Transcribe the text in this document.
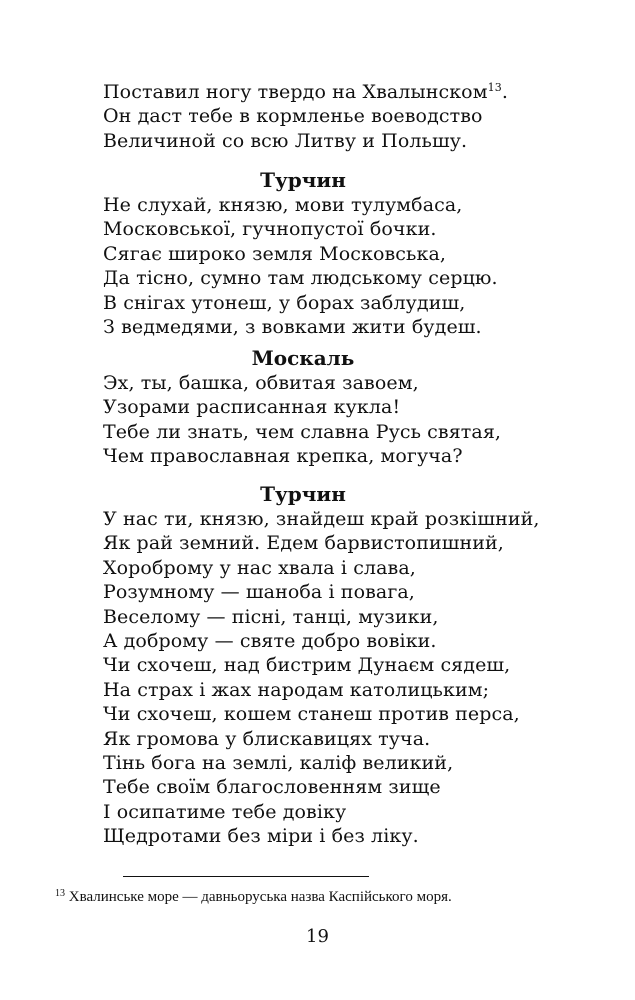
Поставил ногу твердо на Хвалынском$^{13}$.
Он даст тебе в кормленье воеводство
Величиной со всю Литву и Польшу.
Турчин
Не слухай, князю, мови тулумбаса,
Московської, гучнопустої бочки.
Сягає широко земля Московська,
Да тісно, сумно там людському серцю.
В снігах утонеш, у борах заблудиш,
З ведмедями, з вовками жити будеш.
Москаль
Эх, ты, башка, обвитая завоем,
Узорами расписанная кукла!
Тебе ли знать, чем славна Русь святая,
Чем православная крепка, могуча?
Турчин
У нас ти, князю, знайдеш край розкішний,
Як рай земний. Едем барвистопишний,
Хороброму у нас хвала і слава,
Розумному — шаноба і повага,
Веселому — пісні, танці, музики,
А доброму — святе добро вовіки.
Чи схочеш, над бистрим Дунаєм сядеш,
На страх і жах народам католицьким;
Чи схочеш, кошем станеш против перса,
Як громова у блискавицях туча.
Тінь бога на землі, каліф великий,
Тебе своїм благословенням зище
І осипатиме тебе довіку
Щедротами без міри і без ліку.
$^{13}$ Хвалинське море — давньоруська назва Каспійського моря.
19
